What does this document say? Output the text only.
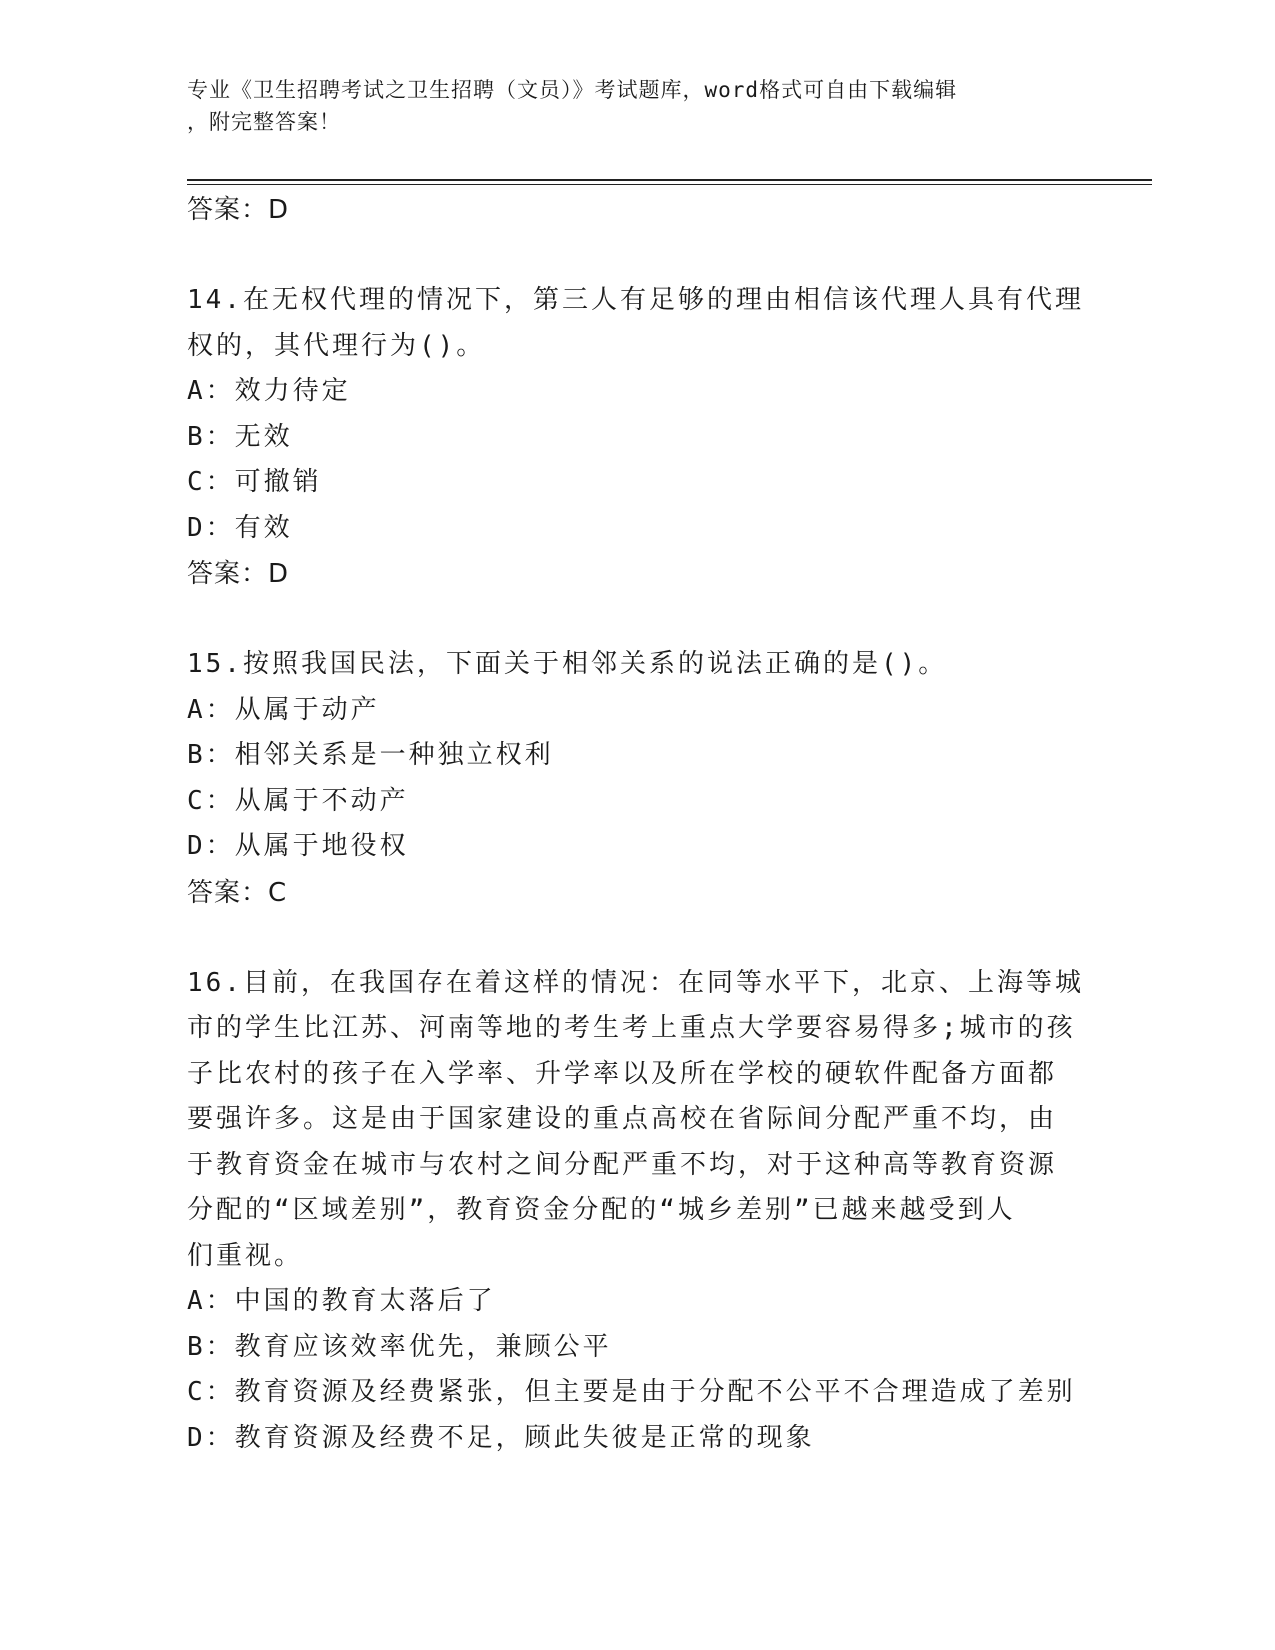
专业《卫生招聘考试之卫生招聘（文员）》考试题库，word格式可自由下载编辑
，附完整答案！
答案：D
14.在无权代理的情况下，第三人有足够的理由相信该代理人具有代理
权的，其代理行为()。
A：效力待定
B：无效
C：可撤销
D：有效
答案：D
15.按照我国民法，下面关于相邻关系的说法正确的是()。
A：从属于动产
B：相邻关系是一种独立权利
C：从属于不动产
D：从属于地役权
答案：C
16.目前，在我国存在着这样的情况：在同等水平下，北京、上海等城
市的学生比江苏、河南等地的考生考上重点大学要容易得多;城市的孩
子比农村的孩子在入学率、升学率以及所在学校的硬软件配备方面都
要强许多。这是由于国家建设的重点高校在省际间分配严重不均，由
于教育资金在城市与农村之间分配严重不均，对于这种高等教育资源
分配的“区域差别”，教育资金分配的“城乡差别”已越来越受到人
们重视。
A：中国的教育太落后了
B：教育应该效率优先，兼顾公平
C：教育资源及经费紧张，但主要是由于分配不公平不合理造成了差别
D：教育资源及经费不足，顾此失彼是正常的现象
